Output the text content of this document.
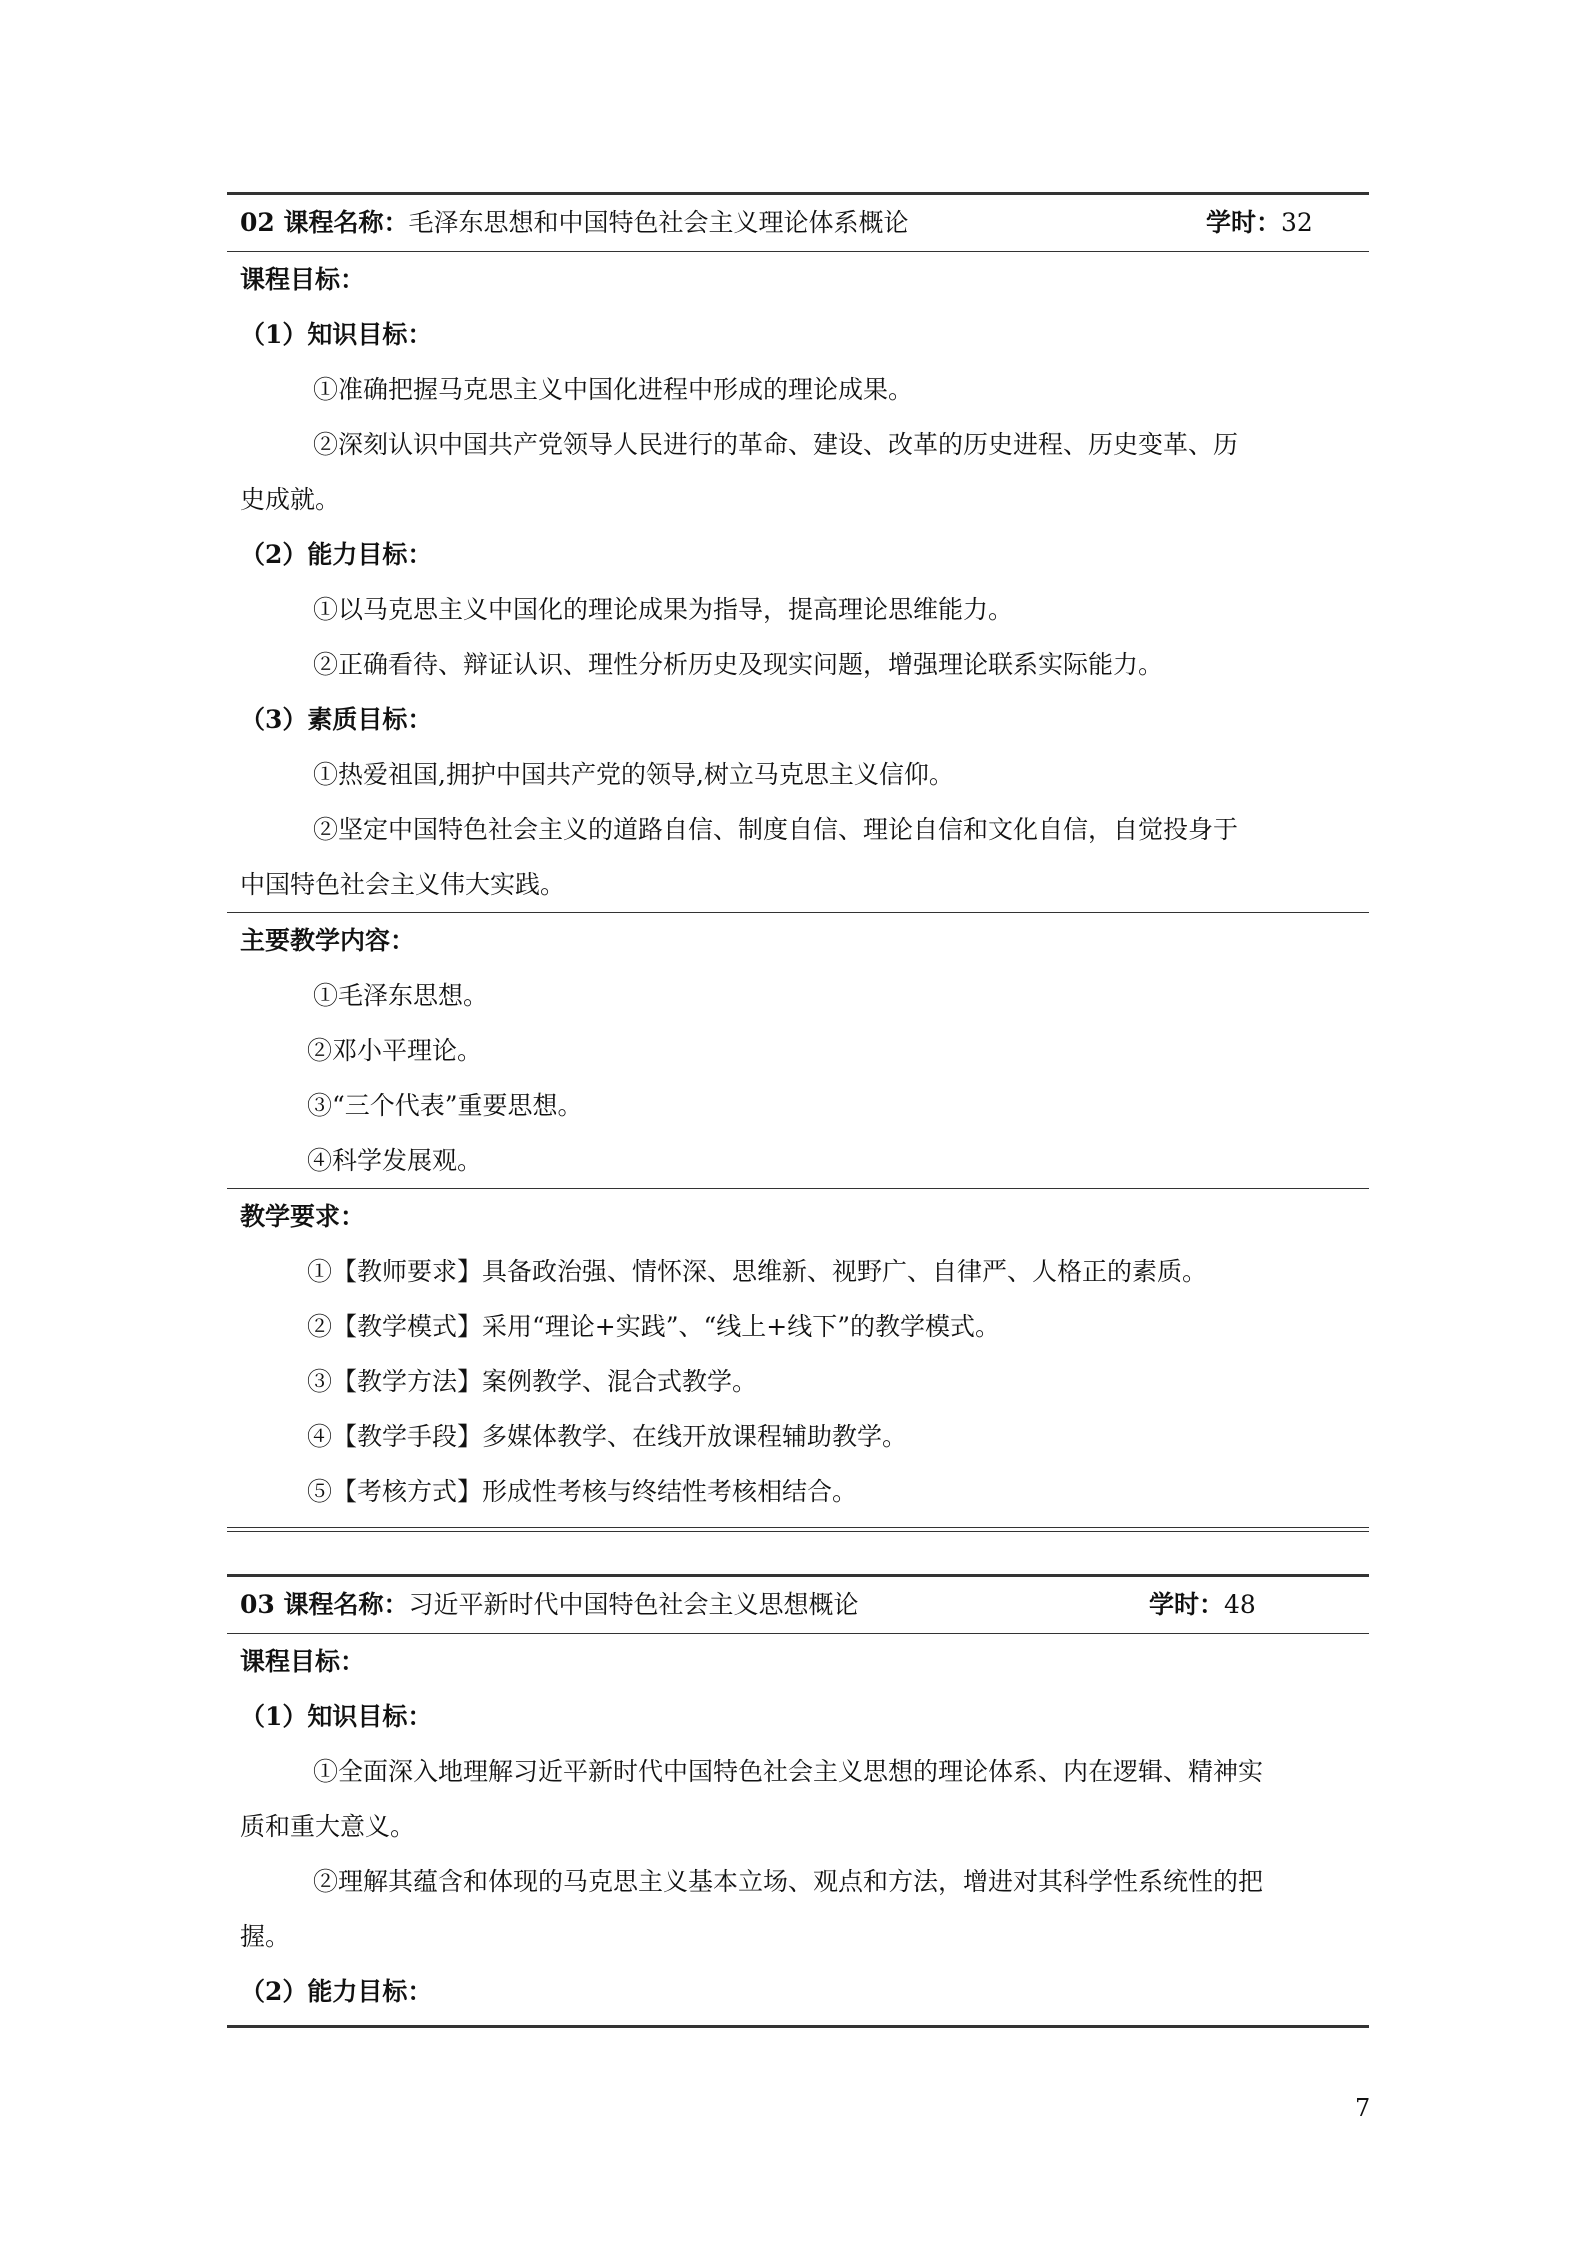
02 课程名称：毛泽东思想和中国特色社会主义理论体系概论	学时：32
课程目标：
（1）知识目标：
①准确把握马克思主义中国化进程中形成的理论成果。
②深刻认识中国共产党领导人民进行的革命、建设、改革的历史进程、历史变革、历
史成就。
（2）能力目标：
①以马克思主义中国化的理论成果为指导，提高理论思维能力。
②正确看待、辩证认识、理性分析历史及现实问题，增强理论联系实际能力。
（3）素质目标：
①热爱祖国,拥护中国共产党的领导,树立马克思主义信仰。
②坚定中国特色社会主义的道路自信、制度自信、理论自信和文化自信，自觉投身于
中国特色社会主义伟大实践。
主要教学内容：
①毛泽东思想。
②邓小平理论。
③“三个代表”重要思想。
④科学发展观。
教学要求：
①【教师要求】具备政治强、情怀深、思维新、视野广、自律严、人格正的素质。
②【教学模式】采用“理论+实践”、“线上+线下”的教学模式。
③【教学方法】案例教学、混合式教学。
④【教学手段】多媒体教学、在线开放课程辅助教学。
⑤【考核方式】形成性考核与终结性考核相结合。
03 课程名称：习近平新时代中国特色社会主义思想概论	学时：48
课程目标：
（1）知识目标：
①全面深入地理解习近平新时代中国特色社会主义思想的理论体系、内在逻辑、精神实
质和重大意义。
②理解其蕴含和体现的马克思主义基本立场、观点和方法，增进对其科学性系统性的把
握。
（2）能力目标：
7
